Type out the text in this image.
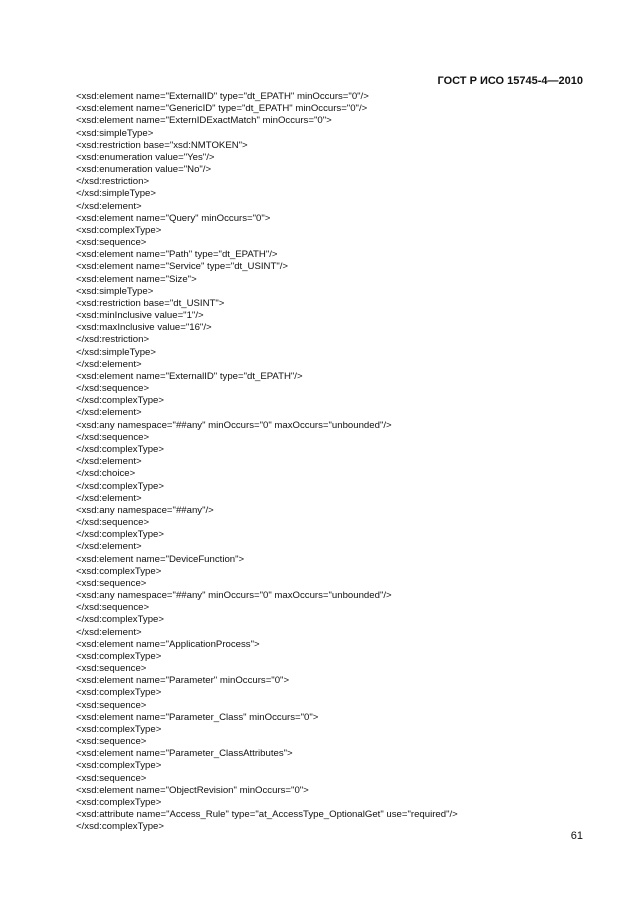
ГОСТ Р ИСО 15745-4—2010
<xsd:element name="ExternalID" type="dt_EPATH" minOccurs="0"/>
<xsd:element name="GenericID" type="dt_EPATH" minOccurs="0"/>
<xsd:element name="ExternIDExactMatch" minOccurs="0">
<xsd:simpleType>
<xsd:restriction base="xsd:NMTOKEN">
<xsd:enumeration value="Yes"/>
<xsd:enumeration value="No"/>
</xsd:restriction>
</xsd:simpleType>
</xsd:element>
<xsd:element name="Query" minOccurs="0">
<xsd:complexType>
<xsd:sequence>
<xsd:element name="Path" type="dt_EPATH"/>
<xsd:element name="Service" type="dt_USINT"/>
<xsd:element name="Size">
<xsd:simpleType>
<xsd:restriction base="dt_USINT">
<xsd:minInclusive value="1"/>
<xsd:maxInclusive value="16"/>
</xsd:restriction>
</xsd:simpleType>
</xsd:element>
<xsd:element name="ExternalID" type="dt_EPATH"/>
</xsd:sequence>
</xsd:complexType>
</xsd:element>
<xsd:any namespace="##any" minOccurs="0" maxOccurs="unbounded"/>
</xsd:sequence>
</xsd:complexType>
</xsd:element>
</xsd:choice>
</xsd:complexType>
</xsd:element>
<xsd:any namespace="##any"/>
</xsd:sequence>
</xsd:complexType>
</xsd:element>
<xsd:element name="DeviceFunction">
<xsd:complexType>
<xsd:sequence>
<xsd:any namespace="##any" minOccurs="0" maxOccurs="unbounded"/>
</xsd:sequence>
</xsd:complexType>
</xsd:element>
<xsd:element name="ApplicationProcess">
<xsd:complexType>
<xsd:sequence>
<xsd:element name="Parameter" minOccurs="0">
<xsd:complexType>
<xsd:sequence>
<xsd:element name="Parameter_Class" minOccurs="0">
<xsd:complexType>
<xsd:sequence>
<xsd:element name="Parameter_ClassAttributes">
<xsd:complexType>
<xsd:sequence>
<xsd:element name="ObjectRevision" minOccurs="0">
<xsd:complexType>
<xsd:attribute name="Access_Rule" type="at_AccessType_OptionalGet" use="required"/>
</xsd:complexType>
61
